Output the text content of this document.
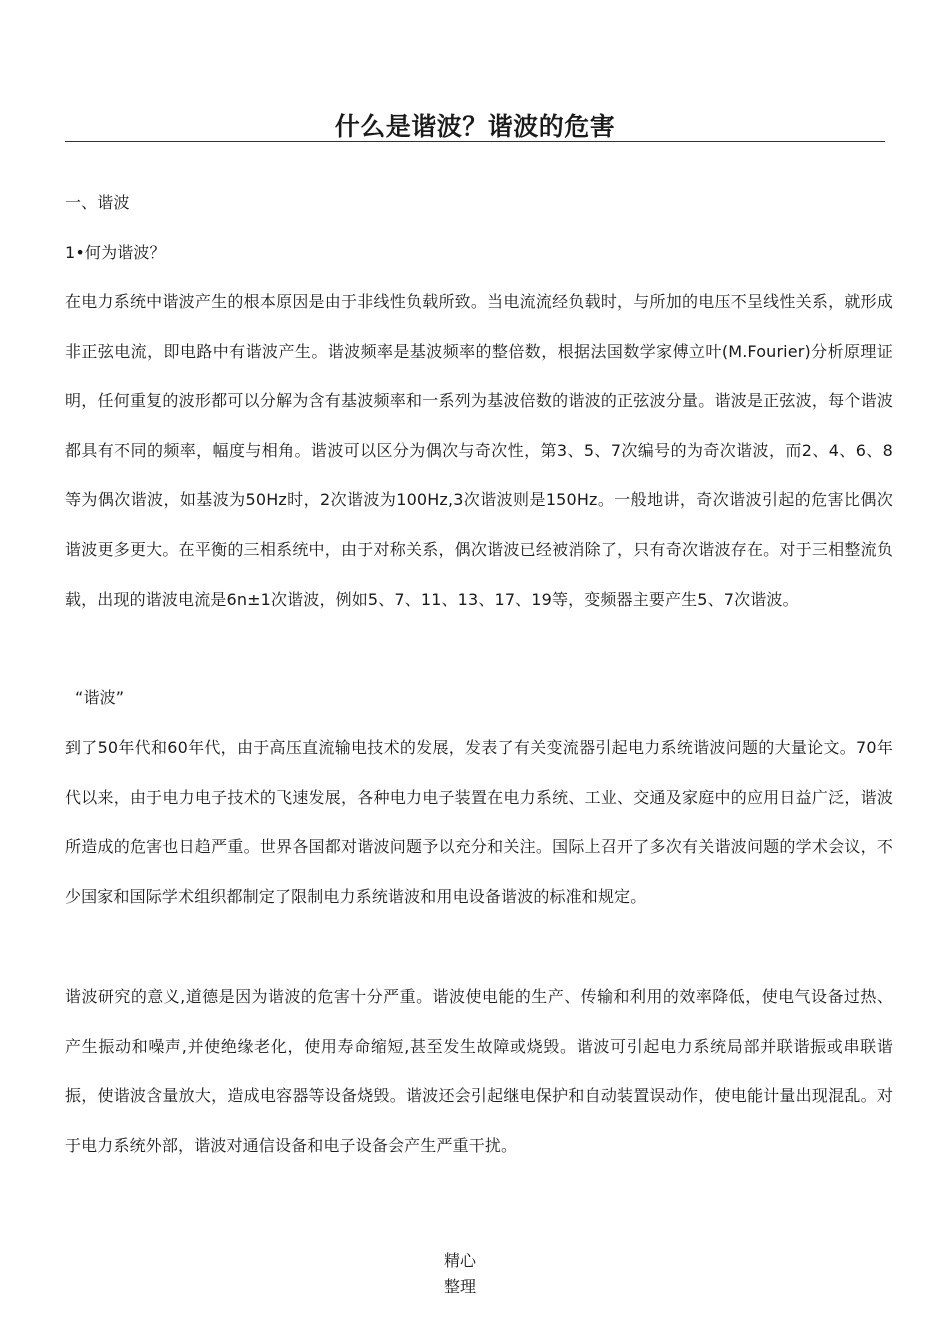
什么是谐波？谐波的危害

一、谐波

1•何为谐波？

在电力系统中谐波产生的根本原因是由于非线性负载所致。当电流流经负载时，与所加的电压不呈线性关系，就形成非正弦电流，即电路中有谐波产生。谐波频率是基波频率的整倍数，根据法国数学家傅立叶(M.Fourier)分析原理证明，任何重复的波形都可以分解为含有基波频率和一系列为基波倍数的谐波的正弦波分量。谐波是正弦波，每个谐波都具有不同的频率，幅度与相角。谐波可以区分为偶次与奇次性，第3、5、7次编号的为奇次谐波，而2、4、6、8等为偶次谐波，如基波为50Hz时，2次谐波为100Hz,3次谐波则是150Hz。一般地讲，奇次谐波引起的危害比偶次谐波更多更大。在平衡的三相系统中，由于对称关系，偶次谐波已经被消除了，只有奇次谐波存在。对于三相整流负载，出现的谐波电流是6n±1次谐波，例如5、7、11、13、17、19等，变频器主要产生5、7次谐波。

“谐波”

到了50年代和60年代，由于高压直流输电技术的发展，发表了有关变流器引起电力系统谐波问题的大量论文。70年代以来，由于电力电子技术的飞速发展，各种电力电子装置在电力系统、工业、交通及家庭中的应用日益广泛，谐波所造成的危害也日趋严重。世界各国都对谐波问题予以充分和关注。国际上召开了多次有关谐波问题的学术会议，不少国家和国际学术组织都制定了限制电力系统谐波和用电设备谐波的标准和规定。

谐波研究的意义,道德是因为谐波的危害十分严重。谐波使电能的生产、传输和利用的效率降低，使电气设备过热、产生振动和噪声,并使绝缘老化，使用寿命缩短,甚至发生故障或烧毁。谐波可引起电力系统局部并联谐振或串联谐振，使谐波含量放大，造成电容器等设备烧毁。谐波还会引起继电保护和自动装置误动作，使电能计量出现混乱。对于电力系统外部，谐波对通信设备和电子设备会产生严重干扰。

精心
整理
